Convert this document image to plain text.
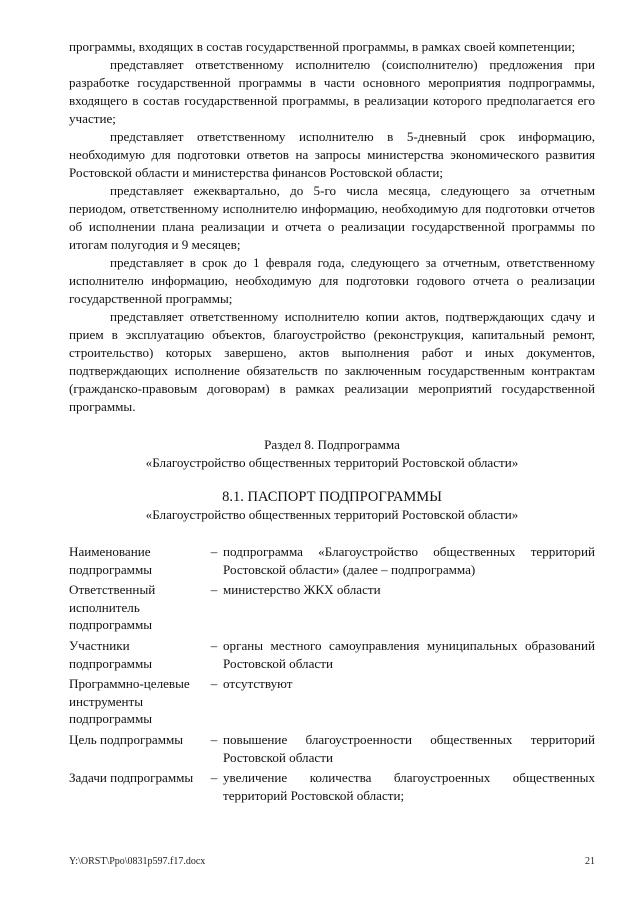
программы, входящих в состав государственной программы, в рамках своей компетенции;

представляет ответственному исполнителю (соисполнителю) предложения при разработке государственной программы в части основного мероприятия подпрограммы, входящего в состав государственной программы, в реализации которого предполагается его участие;

представляет ответственному исполнителю в 5-дневный срок информацию, необходимую для подготовки ответов на запросы министерства экономического развития Ростовской области и министерства финансов Ростовской области;

представляет ежеквартально, до 5-го числа месяца, следующего за отчетным периодом, ответственному исполнителю информацию, необходимую для подготовки отчетов об исполнении плана реализации и отчета о реализации государственной программы по итогам полугодия и 9 месяцев;

представляет в срок до 1 февраля года, следующего за отчетным, ответственному исполнителю информацию, необходимую для подготовки годового отчета о реализации государственной программы;

представляет ответственному исполнителю копии актов, подтверждающих сдачу и прием в эксплуатацию объектов, благоустройство (реконструкция, капитальный ремонт, строительство) которых завершено, актов выполнения работ и иных документов, подтверждающих исполнение обязательств по заключенным государственным контрактам (гражданско-правовым договорам) в рамках реализации мероприятий государственной программы.

Раздел 8. Подпрограмма

«Благоустройство общественных территорий Ростовской области»

8.1. ПАСПОРТ ПОДПРОГРАММЫ

«Благоустройство общественных территорий Ростовской области»

Наименование подпрограммы	–	подпрограмма «Благоустройство общественных территорий Ростовской области» (далее – подпрограмма)
Ответственный исполнитель подпрограммы	–	министерство ЖКХ области
Участники подпрограммы	–	органы местного самоуправления муниципальных образований Ростовской области
Программно-целевые инструменты подпрограммы	–	отсутствуют
Цель подпрограммы	–	повышение благоустроенности общественных территорий Ростовской области
Задачи подпрограммы	–	увеличение количества благоустроенных общественных территорий Ростовской области;
Y:\ORST\Ppo\0831p597.f17.docx	21
